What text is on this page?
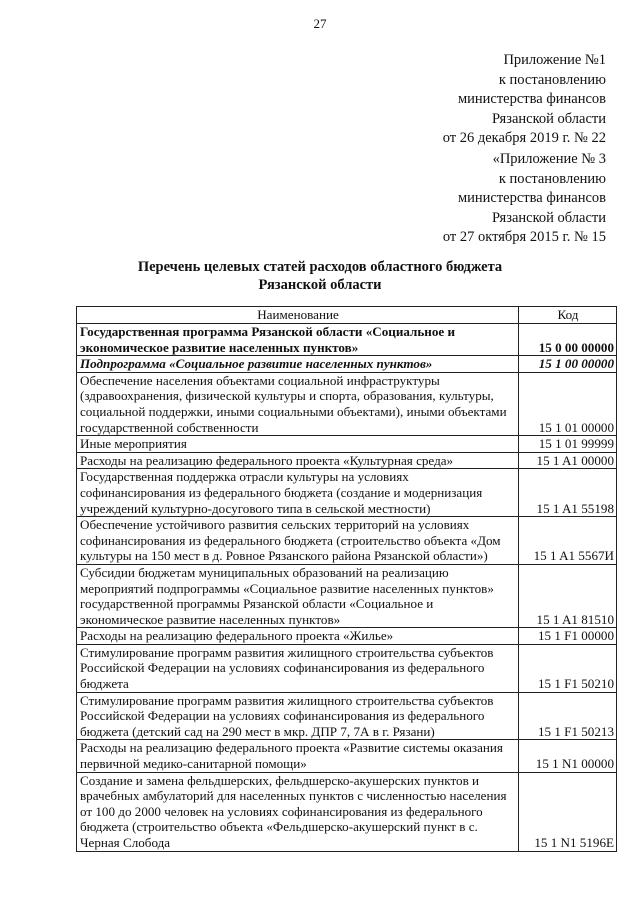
27
Приложение №1
к постановлению
министерства финансов
Рязанской области
от 26 декабря 2019 г. № 22
«Приложение № 3
к постановлению
министерства финансов
Рязанской области
от 27 октября 2015 г. № 15
Перечень целевых статей расходов областного бюджета
Рязанской области
Наименование	Код
Государственная программа Рязанской области «Социальное и экономическое развитие населенных пунктов»	15 0 00 00000
Подпрограмма «Социальное развитие населенных пунктов»	15 1 00 00000
Обеспечение населения объектами социальной инфраструктуры (здравоохранения, физической культуры и спорта, образования, культуры, социальной поддержки, иными социальными объектами), иными объектами государственной собственности	15 1 01 00000
Иные мероприятия	15 1 01 99999
Расходы на реализацию федерального проекта «Культурная среда»	15 1 A1 00000
Государственная поддержка отрасли культуры на условиях софинансирования из федерального бюджета (создание и модернизация учреждений культурно-досугового типа в сельской местности)	15 1 A1 55198
Обеспечение устойчивого развития сельских территорий на условиях софинансирования из федерального бюджета (строительство объекта «Дом культуры на 150 мест в д. Ровное Рязанского района Рязанской области»)	15 1 A1 5567И
Субсидии бюджетам муниципальных образований на реализацию мероприятий подпрограммы «Социальное развитие населенных пунктов» государственной программы Рязанской области «Социальное и экономическое развитие населенных пунктов»	15 1 A1 81510
Расходы на реализацию федерального проекта «Жилье»	15 1 F1 00000
Стимулирование программ развития жилищного строительства субъектов Российской Федерации на условиях софинансирования из федерального бюджета	15 1 F1 50210
Стимулирование программ развития жилищного строительства субъектов Российской Федерации на условиях софинансирования из федерального бюджета (детский сад на 290 мест в мкр. ДПР 7, 7А в г. Рязани)	15 1 F1 50213
Расходы на реализацию федерального проекта «Развитие системы оказания первичной медико-санитарной помощи»	15 1 N1 00000
Создание и замена фельдшерских, фельдшерско-акушерских пунктов и врачебных амбулаторий для населенных пунктов с численностью населения от 100 до 2000 человек на условиях софинансирования из федерального бюджета (строительство объекта «Фельдшерско-акушерский пункт в с. Черная Слобода	15 1 N1 5196Е
